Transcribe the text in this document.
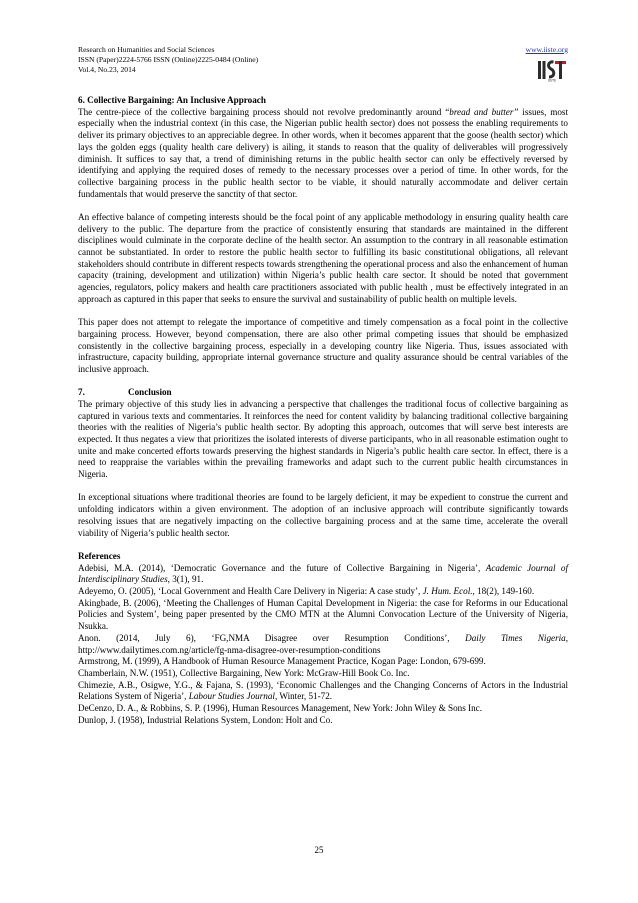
Research on Humanities and Social Sciences
ISSN (Paper)2224-5766 ISSN (Online)2225-0484 (Online)
Vol.4, No.23, 2014
www.iiste.org
IISTE
6. Collective Bargaining: An Inclusive Approach

The centre-piece of the collective bargaining process should not revolve predominantly around “bread and butter” issues, most especially when the industrial context (in this case, the Nigerian public health sector) does not possess the enabling requirements to deliver its primary objectives to an appreciable degree. In other words, when it becomes apparent that the goose (health sector) which lays the golden eggs (quality health care delivery) is ailing, it stands to reason that the quality of deliverables will progressively diminish. It suffices to say that, a trend of diminishing returns in the public health sector can only be effectively reversed by identifying and applying the required doses of remedy to the necessary processes over a period of time. In other words, for the collective bargaining process in the public health sector to be viable, it should naturally accommodate and deliver certain fundamentals that would preserve the sanctity of that sector.

An effective balance of competing interests should be the focal point of any applicable methodology in ensuring quality health care delivery to the public. The departure from the practice of consistently ensuring that standards are maintained in the different disciplines would culminate in the corporate decline of the health sector. An assumption to the contrary in all reasonable estimation cannot be substantiated. In order to restore the public health sector to fulfilling its basic constitutional obligations, all relevant stakeholders should contribute in different respects towards strengthening the operational process and also the enhancement of human capacity (training, development and utilization) within Nigeria’s public health care sector. It should be noted that government agencies, regulators, policy makers and health care practitioners associated with public health , must be effectively integrated in an approach as captured in this paper that seeks to ensure the survival and sustainability of public health on multiple levels.

This paper does not attempt to relegate the importance of competitive and timely compensation as a focal point in the collective bargaining process. However, beyond compensation, there are also other primal competing issues that should be emphasized consistently in the collective bargaining process, especially in a developing country like Nigeria. Thus, issues associated with infrastructure, capacity building, appropriate internal governance structure and quality assurance should be central variables of the inclusive approach.

7.	Conclusion

The primary objective of this study lies in advancing a perspective that challenges the traditional focus of collective bargaining as captured in various texts and commentaries. It reinforces the need for content validity by balancing traditional collective bargaining theories with the realities of Nigeria’s public health sector. By adopting this approach, outcomes that will serve best interests are expected. It thus negates a view that prioritizes the isolated interests of diverse participants, who in all reasonable estimation ought to unite and make concerted efforts towards preserving the highest standards in Nigeria’s public health care sector. In effect, there is a need to reappraise the variables within the prevailing frameworks and adapt such to the current public health circumstances in Nigeria.

In exceptional situations where traditional theories are found to be largely deficient, it may be expedient to construe the current and unfolding indicators within a given environment. The adoption of an inclusive approach will contribute significantly towards resolving issues that are negatively impacting on the collective bargaining process and at the same time, accelerate the overall viability of Nigeria’s public health sector.

References
Adebisi, M.A. (2014), ‘Democratic Governance and the future of Collective Bargaining in Nigeria’, Academic Journal of Interdisciplinary Studies, 3(1), 91.
Adeyemo, O. (2005), ‘Local Government and Health Care Delivery in Nigeria: A case study’, J. Hum. Ecol., 18(2), 149-160.
Akingbade, B. (2006), ‘Meeting the Challenges of Human Capital Development in Nigeria: the case for Reforms in our Educational Policies and System’, being paper presented by the CMO MTN at the Alumni Convocation Lecture of the University of Nigeria, Nsukka.
Anon. (2014, July 6), ‘FG,NMA Disagree over Resumption Conditions’, Daily Times Nigeria, http://www.dailytimes.com.ng/article/fg-nma-disagree-over-resumption-conditions
Armstrong, M. (1999), A Handbook of Human Resource Management Practice, Kogan Page: London, 679-699.
Chamberlain, N.W. (1951), Collective Bargaining, New York: McGraw-Hill Book Co. Inc.
Chimezie, A.B., Osigwe, Y.G., & Fajana, S. (1993), ‘Economic Challenges and the Changing Concerns of Actors in the Industrial Relations System of Nigeria’, Labour Studies Journal, Winter, 51-72.
DeCenzo, D. A., & Robbins, S. P. (1996), Human Resources Management, New York: John Wiley & Sons Inc.
Dunlop, J. (1958), Industrial Relations System, London: Holt and Co.
25
